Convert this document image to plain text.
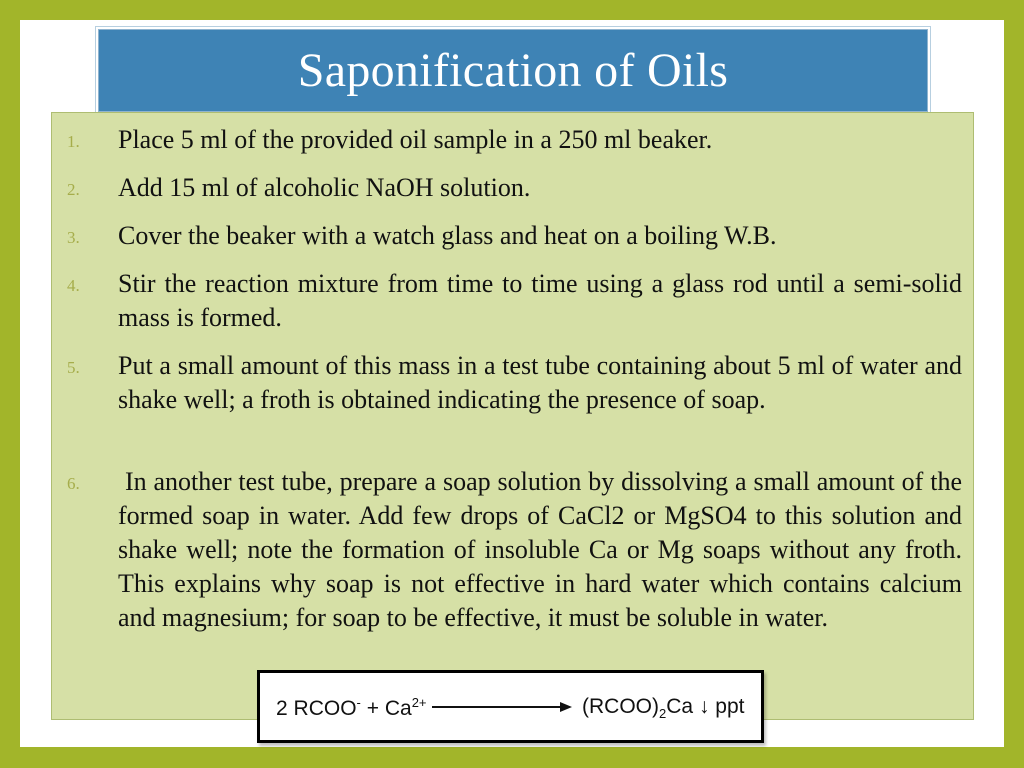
Saponification of Oils
1. Place 5 ml of the provided oil sample in a 250 ml beaker.
2. Add 15 ml of alcoholic NaOH solution.
3. Cover the beaker with a watch glass and heat on a boiling W.B.
4. Stir the reaction mixture from time to time using a glass rod until a semi-solid mass is formed.
5. Put a small amount of this mass in a test tube containing about 5 ml of water and shake well; a froth is obtained indicating the presence of soap.
6. In another test tube, prepare a soap solution by dissolving a small amount of the formed soap in water. Add few drops of CaCl2 or MgSO4 to this solution and shake well; note the formation of insoluble Ca or Mg soaps without any froth. This explains why soap is not effective in hard water which contains calcium and magnesium; for soap to be effective, it must be soluble in water.
2 RCOO- + $Ca^{2+}$	$(RCOO)_2Ca$ ↓ ppt
